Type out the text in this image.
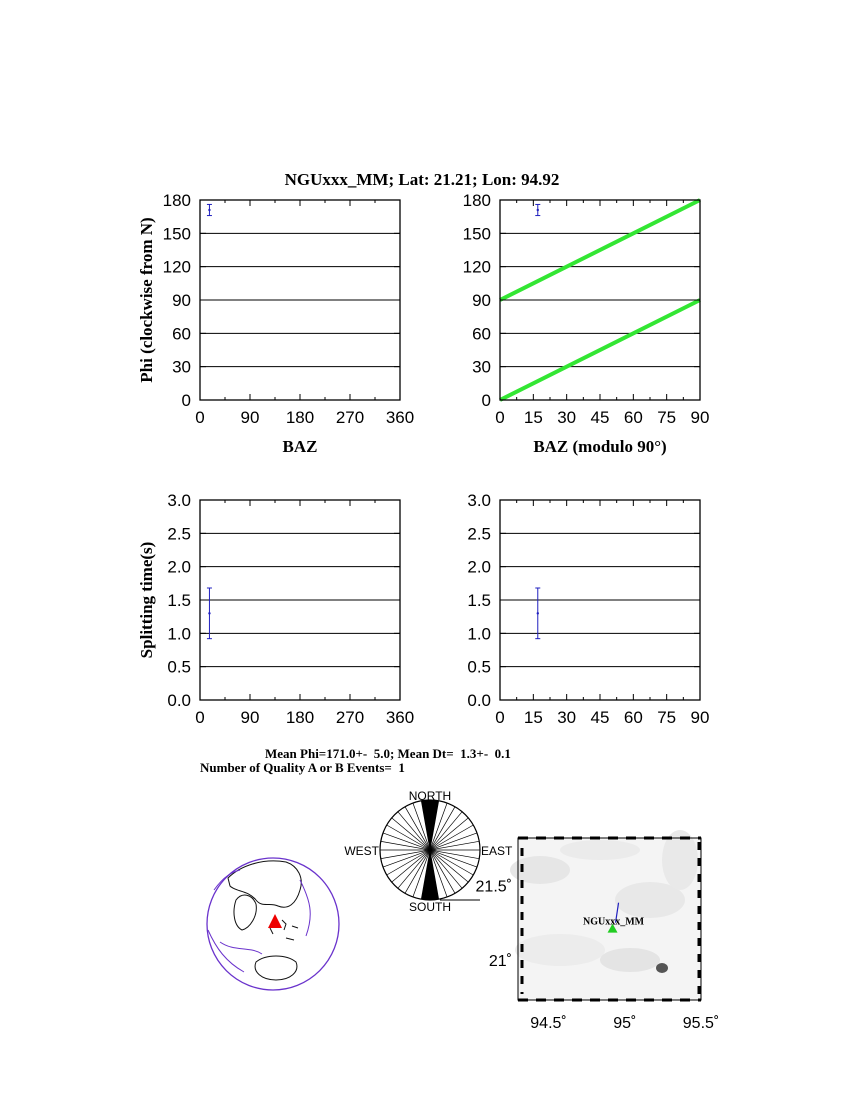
NGUxxx_MM; Lat: 21.21; Lon: 94.92
0 90 180 270 360
0
30
60
90
120
150
180
0 15 30 45 60 75 90
0
30
60
90
120
150
180
0 90 180 270 360
0.0
0.5
1.0
1.5
2.0
2.5
3.0
0 15 30 45 60 75 90
0.0
0.5
1.0
1.5
2.0
2.5
3.0
BAZ	BAZ (modulo 90°)
Phi (clockwise from N)
Splitting time(s)
Mean Phi=171.0+-  5.0; Mean Dt=  1.3+-  0.1
Number of Quality A or B Events=  1
NORTH
SOUTH
EAST
WEST
NGUxxx_MM
94.5˚	95˚	95.5˚
21.5˚
21˚
